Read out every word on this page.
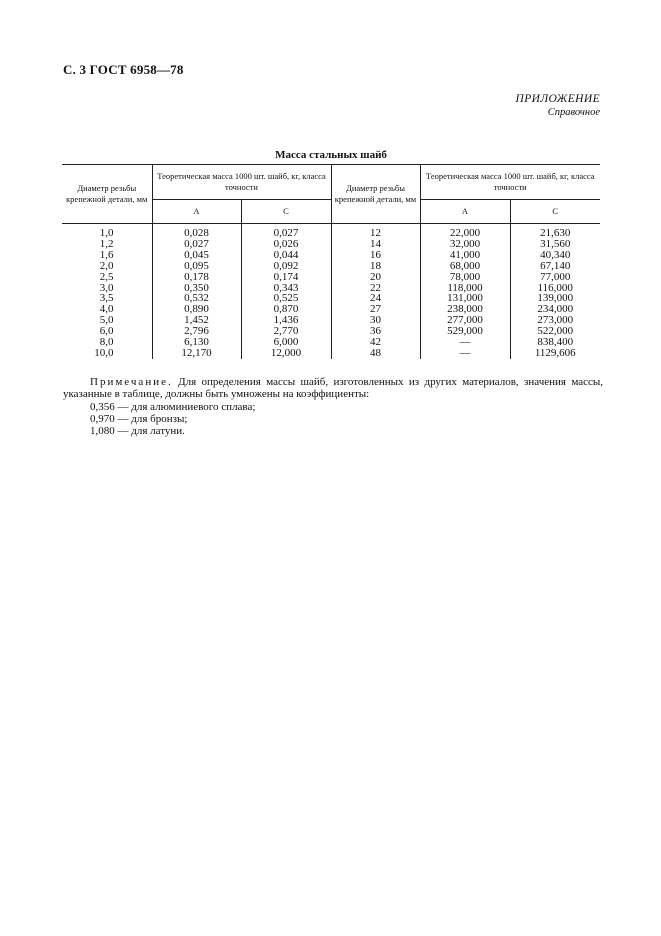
С. 3 ГОСТ 6958—78
ПРИЛОЖЕНИЕ
Справочное
Масса стальных шайб
Диаметр резьбы крепежной детали, мм	Теоретическая масса 1000 шт. шайб, кг, класса точности		Диаметр резьбы крепежной детали, мм	Теоретическая масса 1000 шт. шайб, кг, класса точности	
	А	С		А	С
1,0	0,028	0,027	12	22,000	21,630
1,2	0,027	0,026	14	32,000	31,560
1,6	0,045	0,044	16	41,000	40,340
2,0	0,095	0,092	18	68,000	67,140
2,5	0,178	0,174	20	78,000	77,000
3,0	0,350	0,343	22	118,000	116,000
3,5	0,532	0,525	24	131,000	139,000
4,0	0,890	0,870	27	238,000	234,000
5,0	1,452	1,436	30	277,000	273,000
6,0	2,796	2,770	36	529,000	522,000
8,0	6,130	6,000	42	—	838,400
10,0	12,170	12,000	48	—	1129,606

Примечание. Для определения массы шайб, изготовленных из других материалов, значения массы, указанные в таблице, должны быть умножены на коэффициенты:

0,356 — для алюминиевого сплава;

0,970 — для бронзы;

1,080 — для латуни.
